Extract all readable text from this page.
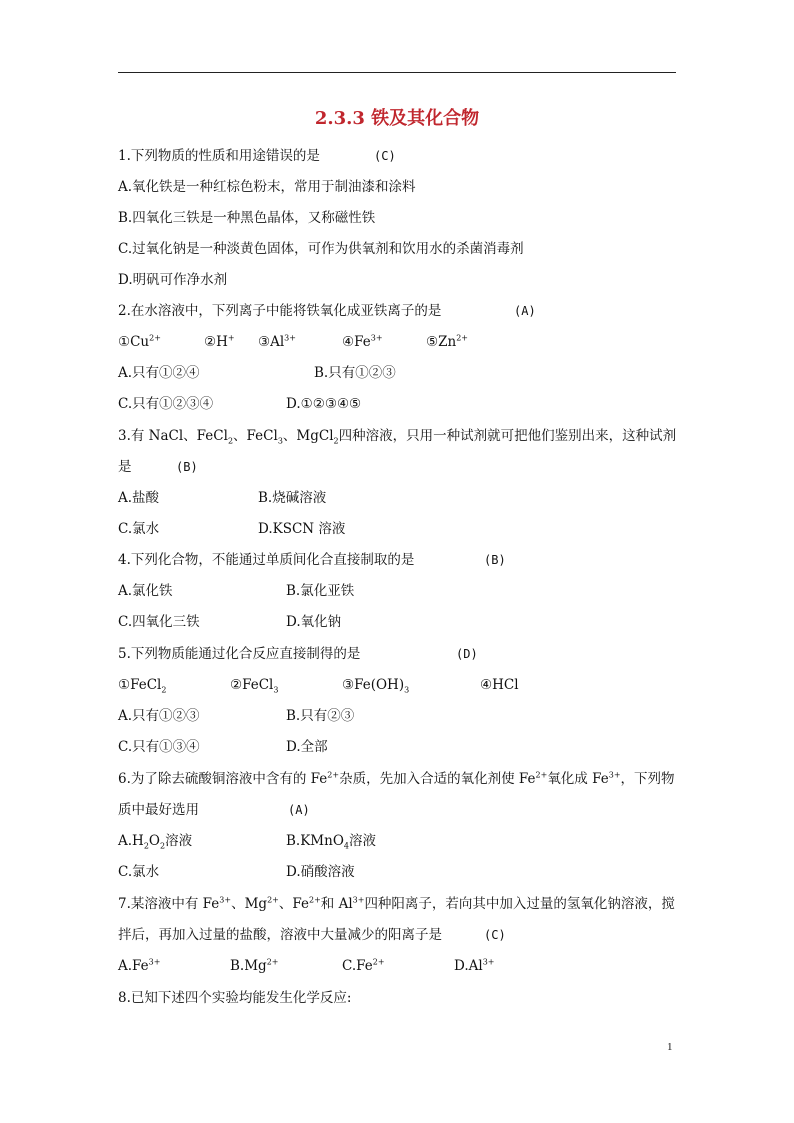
2.3.3 铁及其化合物
1.下列物质的性质和用途错误的是	(C)
A.氧化铁是一种红棕色粉末，常用于制油漆和涂料
B.四氧化三铁是一种黑色晶体，又称磁性铁
C.过氧化钠是一种淡黄色固体，可作为供氧剂和饮用水的杀菌消毒剂
D.明矾可作净水剂
2.在水溶液中，下列离子中能将铁氧化成亚铁离子的是	(A)
$①Cu^{2+}$	②H+ $③Al^{3+}$	$④Fe^{3+}$	$⑤Zn^{2+}$
A.只有①②④	B.只有①②③
C.只有①②③④	D.①②③④⑤
3.有 NaCl、FeCl$_2$、FeCl$_3$、MgCl$_2$四种溶液，只用一种试剂就可把他们鉴别出来，这种试剂
是	(B)
A.盐酸	B.烧碱溶液
C.氯水	D.KSCN 溶液
4.下列化合物，不能通过单质间化合直接制取的是	(B)
A.氯化铁	B.氯化亚铁
C.四氧化三铁	D.氧化钠
5.下列物质能通过化合反应直接制得的是	(D)
①FeCl$_2$	②FeCl$_3$	$③Fe(OH)_3$	④HCl
A.只有①②③	B.只有②③
C.只有①③④	D.全部
6.为了除去硫酸铜溶液中含有的 $Fe^{2+}$杂质，先加入合适的氧化剂使 $Fe^{2+}$氧化成 $Fe^{3+}$，下列物
质中最好选用	(A)
$A.H_2O_2$溶液	B.KMnO$_4$溶液
C.氯水	D.硝酸溶液
7.某溶液中有 $Fe^{3+}$、$Mg^{2+}$、$Fe^{2+}$和 $Al^{3+}$四种阳离子，若向其中加入过量的氢氧化钠溶液，搅
拌后，再加入过量的盐酸，溶液中大量减少的阳离子是	(C)
$A.Fe^{3+}$	$B.Mg^{2+}$	$C.Fe^{2+}$	$D.Al^{3+}$
8.已知下述四个实验均能发生化学反应:
1
